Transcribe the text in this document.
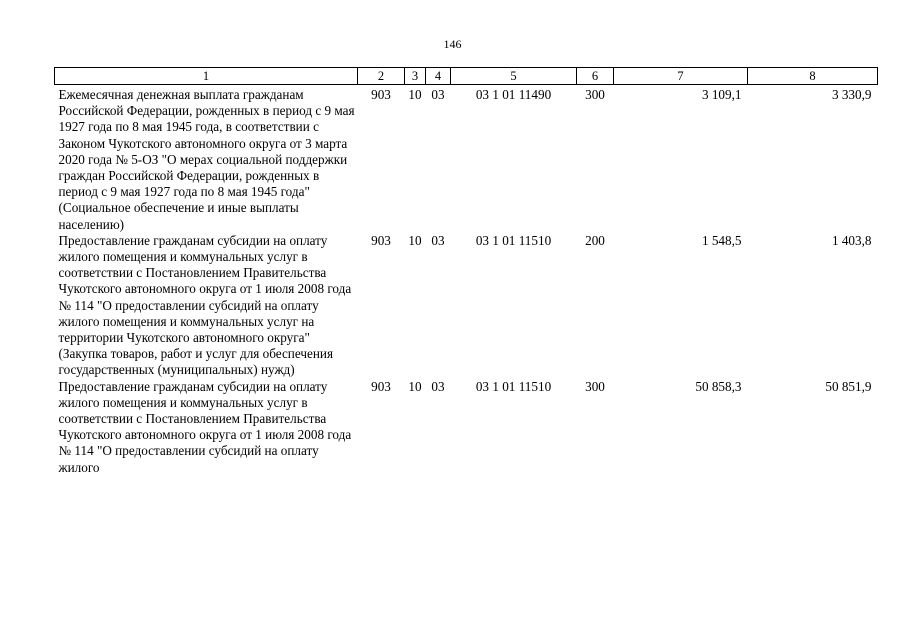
146
1	2	3	4	5	6	7	8
Ежемесячная денежная выплата гражданам Российской Федерации, рожденных в период с 9 мая 1927 года по 8 мая 1945 года, в соответствии с Законом Чукотского автономного округа от 3 марта 2020 года № 5-ОЗ "О мерах социальной поддержки граждан Российской Федерации, рожденных в период с 9 мая 1927 года по 8 мая 1945 года" (Социальное обеспечение и иные выплаты населению)	903	10	03	03 1 01 11490	300	3 109,1	3 330,9
Предоставление гражданам субсидии на оплату жилого помещения и коммунальных услуг в соответствии с Постановлением Правительства Чукотского автономного округа от 1 июля 2008 года № 114 "О предоставлении субсидий на оплату жилого помещения и коммунальных услуг на территории Чукотского автономного округа" (Закупка товаров, работ и услуг для обеспечения государственных (муниципальных) нужд)	903	10	03	03 1 01 11510	200	1 548,5	1 403,8
Предоставление гражданам субсидии на оплату жилого помещения и коммунальных услуг в соответствии с Постановлением Правительства Чукотского автономного округа от 1 июля 2008 года № 114 "О предоставлении субсидий на оплату жилого	903	10	03	03 1 01 11510	300	50 858,3	50 851,9
